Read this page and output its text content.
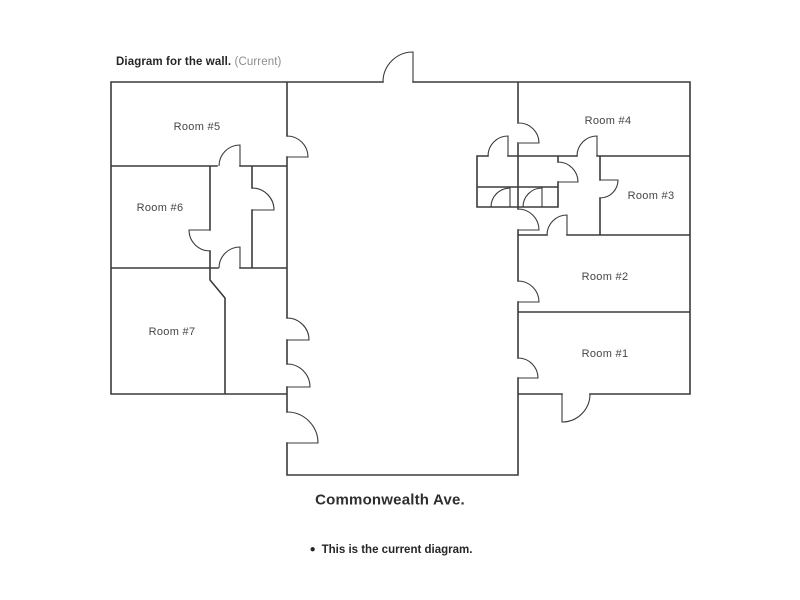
Diagram for the wall. (Current)
Room #1
Room #2
Room #3
Room #4
Room #5
Room #6
Room #7
Commonwealth Ave.
● This is the current diagram.
